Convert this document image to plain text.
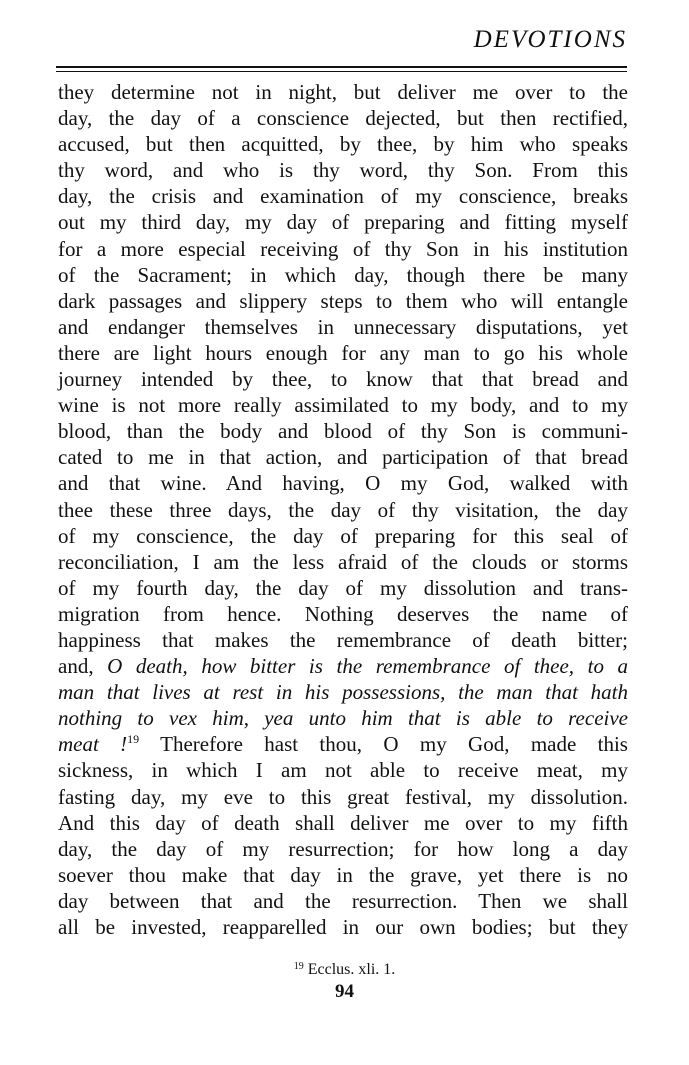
DEVOTIONS
they determine not in night, but deliver me over to the
day, the day of a conscience dejected, but then rectified,
accused, but then acquitted, by thee, by him who speaks
thy word, and who is thy word, thy Son. From this
day, the crisis and examination of my conscience, breaks
out my third day, my day of preparing and fitting myself
for a more especial receiving of thy Son in his institution
of the Sacrament; in which day, though there be many
dark passages and slippery steps to them who will entangle
and endanger themselves in unnecessary disputations, yet
there are light hours enough for any man to go his whole
journey intended by thee, to know that that bread and
wine is not more really assimilated to my body, and to my
blood, than the body and blood of thy Son is communi-
cated to me in that action, and participation of that bread
and that wine. And having, O my God, walked with
thee these three days, the day of thy visitation, the day
of my conscience, the day of preparing for this seal of
reconciliation, I am the less afraid of the clouds or storms
of my fourth day, the day of my dissolution and trans-
migration from hence. Nothing deserves the name of
happiness that makes the remembrance of death bitter;
and, O death, how bitter is the remembrance of thee, to a
man that lives at rest in his possessions, the man that hath
nothing to vex him, yea unto him that is able to receive
meat !$^{19}$ Therefore hast thou, O my God, made this
sickness, in which I am not able to receive meat, my
fasting day, my eve to this great festival, my dissolution.
And this day of death shall deliver me over to my fifth
day, the day of my resurrection; for how long a day
soever thou make that day in the grave, yet there is no
day between that and the resurrection. Then we shall
all be invested, reapparelled in our own bodies; but they
$^{19}$ Ecclus. xli. 1.
94
